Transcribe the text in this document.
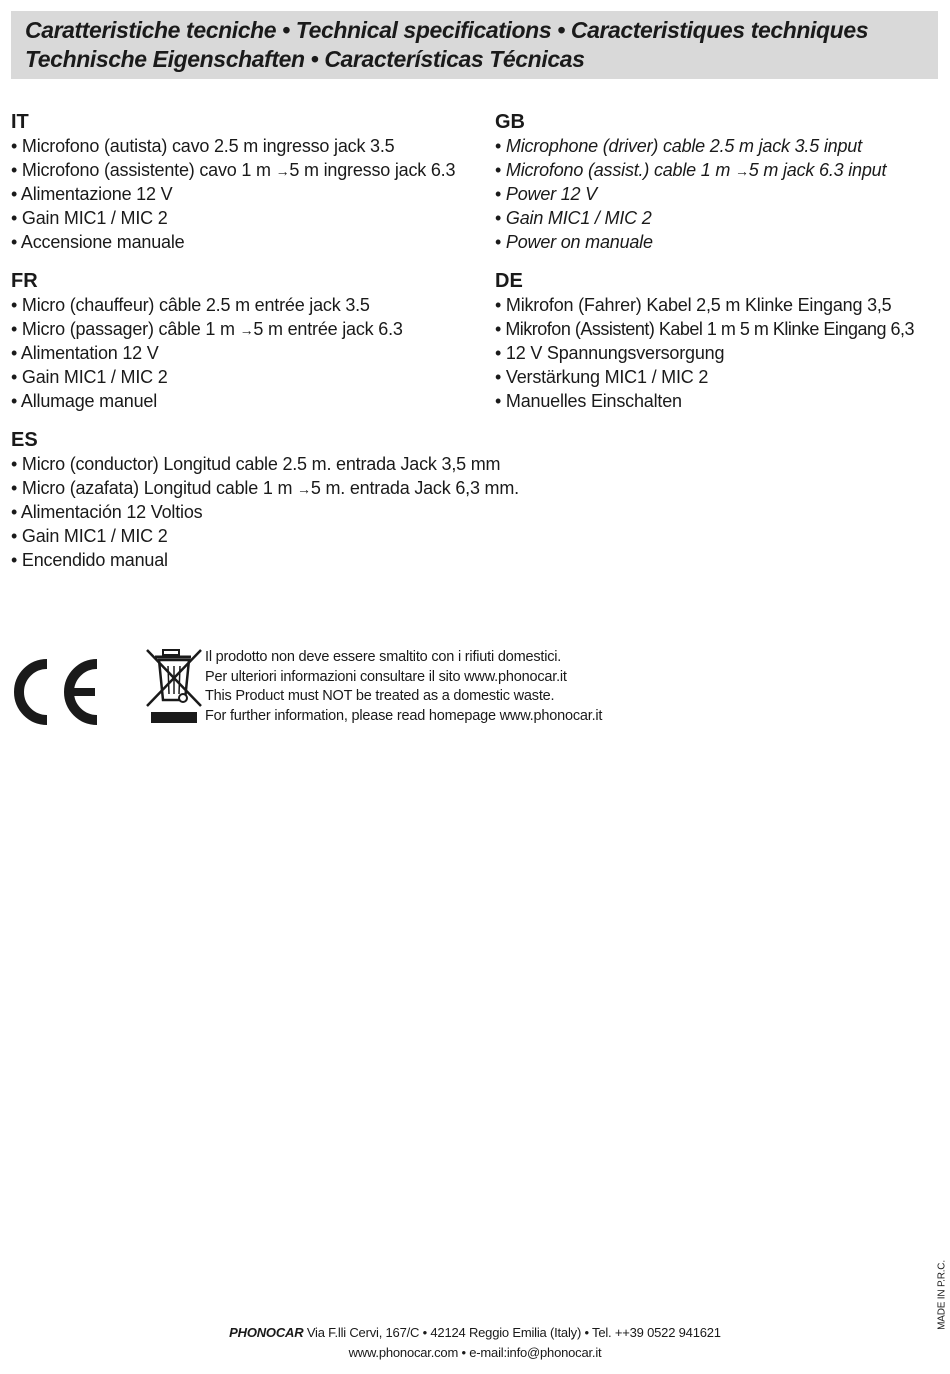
Caratteristiche tecniche • Technical specifications • Caracteristiques techniques
Technische Eigenschaften • Características Técnicas
IT
• Microfono (autista) cavo 2.5 m ingresso jack 3.5
• Microfono (assistente) cavo 1 m →5 m ingresso jack 6.3
• Alimentazione 12 V
• Gain MIC1 / MIC 2
• Accensione manuale
GB
• Microphone (driver) cable 2.5 m jack 3.5 input
• Microfono (assist.) cable 1 m →5 m jack 6.3 input
• Power 12 V
• Gain MIC1 / MIC 2
• Power on manuale
FR
• Micro (chauffeur) câble 2.5 m entrée jack 3.5
• Micro (passager) câble 1 m →5 m entrée jack 6.3
• Alimentation 12 V
• Gain MIC1 / MIC 2
• Allumage manuel
DE
• Mikrofon (Fahrer) Kabel 2,5 m Klinke Eingang 3,5
• Mikrofon (Assistent) Kabel 1 m 5 m Klinke Eingang 6,3
• 12 V Spannungsversorgung
• Verstärkung MIC1 / MIC 2
• Manuelles Einschalten
ES
• Micro (conductor) Longitud cable 2.5 m. entrada Jack 3,5 mm
• Micro (azafata) Longitud cable 1 m →5 m. entrada Jack 6,3 mm.
• Alimentación 12 Voltios
• Gain MIC1 / MIC 2
• Encendido manual
Il prodotto non deve essere smaltito con i rifiuti domestici.
Per ulteriori informazioni consultare il sito www.phonocar.it
This Product must NOT be treated as a domestic waste.
For further information, please read homepage www.phonocar.it
PHONOCAR Via F.lli Cervi, 167/C • 42124 Reggio Emilia (Italy) • Tel. ++39 0522 941621
www.phonocar.com • e-mail:info@phonocar.it
MADE IN P.R.C.
